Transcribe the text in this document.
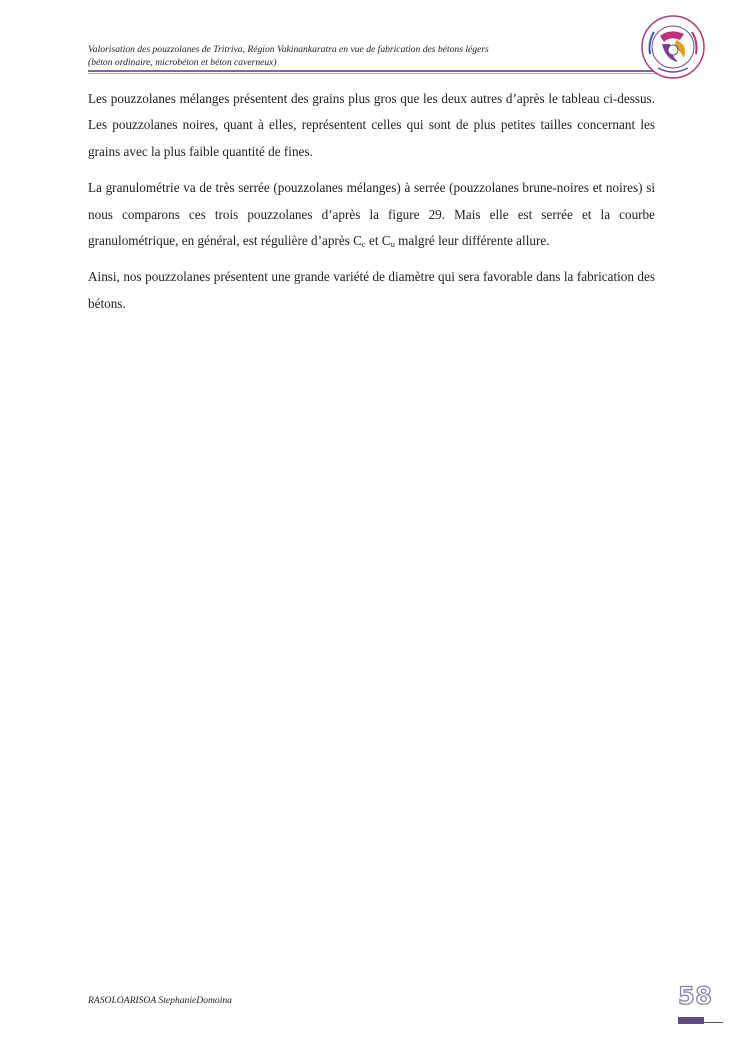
Valorisation des pouzzolanes de Tritriva, Région Vakinankaratra en vue de fabrication des bétons légers
(béton ordinaire, microbéton et béton caverneux)

Les pouzzolanes mélanges présentent des grains plus gros que les deux autres d’après le tableau ci-dessus. Les pouzzolanes noires, quant à elles, représentent celles qui sont de plus petites tailles concernant les grains avec la plus faible quantité de fines.

La granulométrie va de très serrée (pouzzolanes mélanges) à serrée (pouzzolanes brune-noires et noires) si nous comparons ces trois pouzzolanes d’après la figure 29. Mais elle est serrée et la courbe granulométrique, en général, est régulière d’après $C_c$ et $C_u$ malgré leur différente allure.

Ainsi, nos pouzzolanes présentent une grande variété de diamètre qui sera favorable dans la fabrication des bétons.

RASOLOARISOA StephanieDomoina	58
